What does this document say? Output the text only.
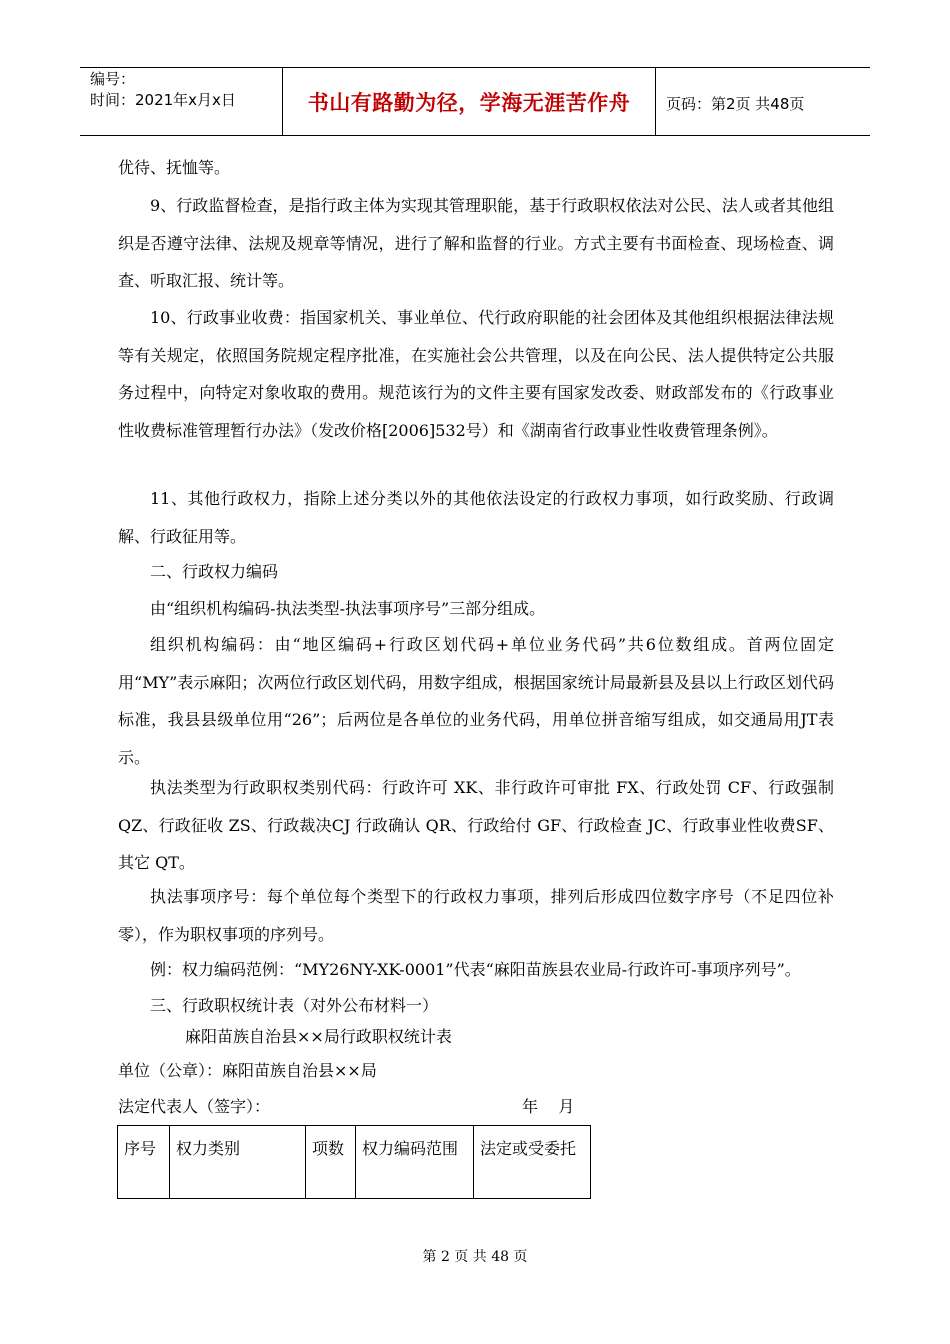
编号：
时间：2021年x月x日	书山有路勤为径，学海无涯苦作舟 页码：第2页 共48页

优待、抚恤等。

9、行政监督检查，是指行政主体为实现其管理职能，基于行政职权依法对公民、法人或者其他组织是否遵守法律、法规及规章等情况，进行了解和监督的行业。方式主要有书面检查、现场检查、调查、听取汇报、统计等。

10、行政事业收费：指国家机关、事业单位、代行政府职能的社会团体及其他组织根据法律法规等有关规定，依照国务院规定程序批准，在实施社会公共管理，以及在向公民、法人提供特定公共服务过程中，向特定对象收取的费用。规范该行为的文件主要有国家发改委、财政部发布的《行政事业性收费标准管理暂行办法》（发改价格[2006]532号）和《湖南省行政事业性收费管理条例》。

11、其他行政权力，指除上述分类以外的其他依法设定的行政权力事项，如行政奖励、行政调解、行政征用等。

二、行政权力编码

由“组织机构编码-执法类型-执法事项序号”三部分组成。

组织机构编码：由“地区编码+行政区划代码+单位业务代码”共6位数组成。首两位固定用“MY”表示麻阳；次两位行政区划代码，用数字组成，根据国家统计局最新县及县以上行政区划代码标准，我县县级单位用“26”；后两位是各单位的业务代码，用单位拼音缩写组成，如交通局用JT表示。

执法类型为行政职权类别代码：行政许可 XK、非行政许可审批 FX、行政处罚 CF、行政强制QZ、行政征收 ZS、行政裁决CJ 行政确认 QR、行政给付 GF、行政检查 JC、行政事业性收费SF、其它 QT。

执法事项序号：每个单位每个类型下的行政权力事项，排列后形成四位数字序号（不足四位补零），作为职权事项的序列号。

例：权力编码范例：“MY26NY-XK-0001”代表“麻阳苗族县农业局-行政许可-事项序列号”。

三、行政职权统计表（对外公布材料一）

麻阳苗族自治县××局行政职权统计表
单位（公章）：麻阳苗族自治县××局
法定代表人（签字）：	年    月
序号	权力类别	项数	权力编码范围	法定或受委托
第 2 页 共 48 页
